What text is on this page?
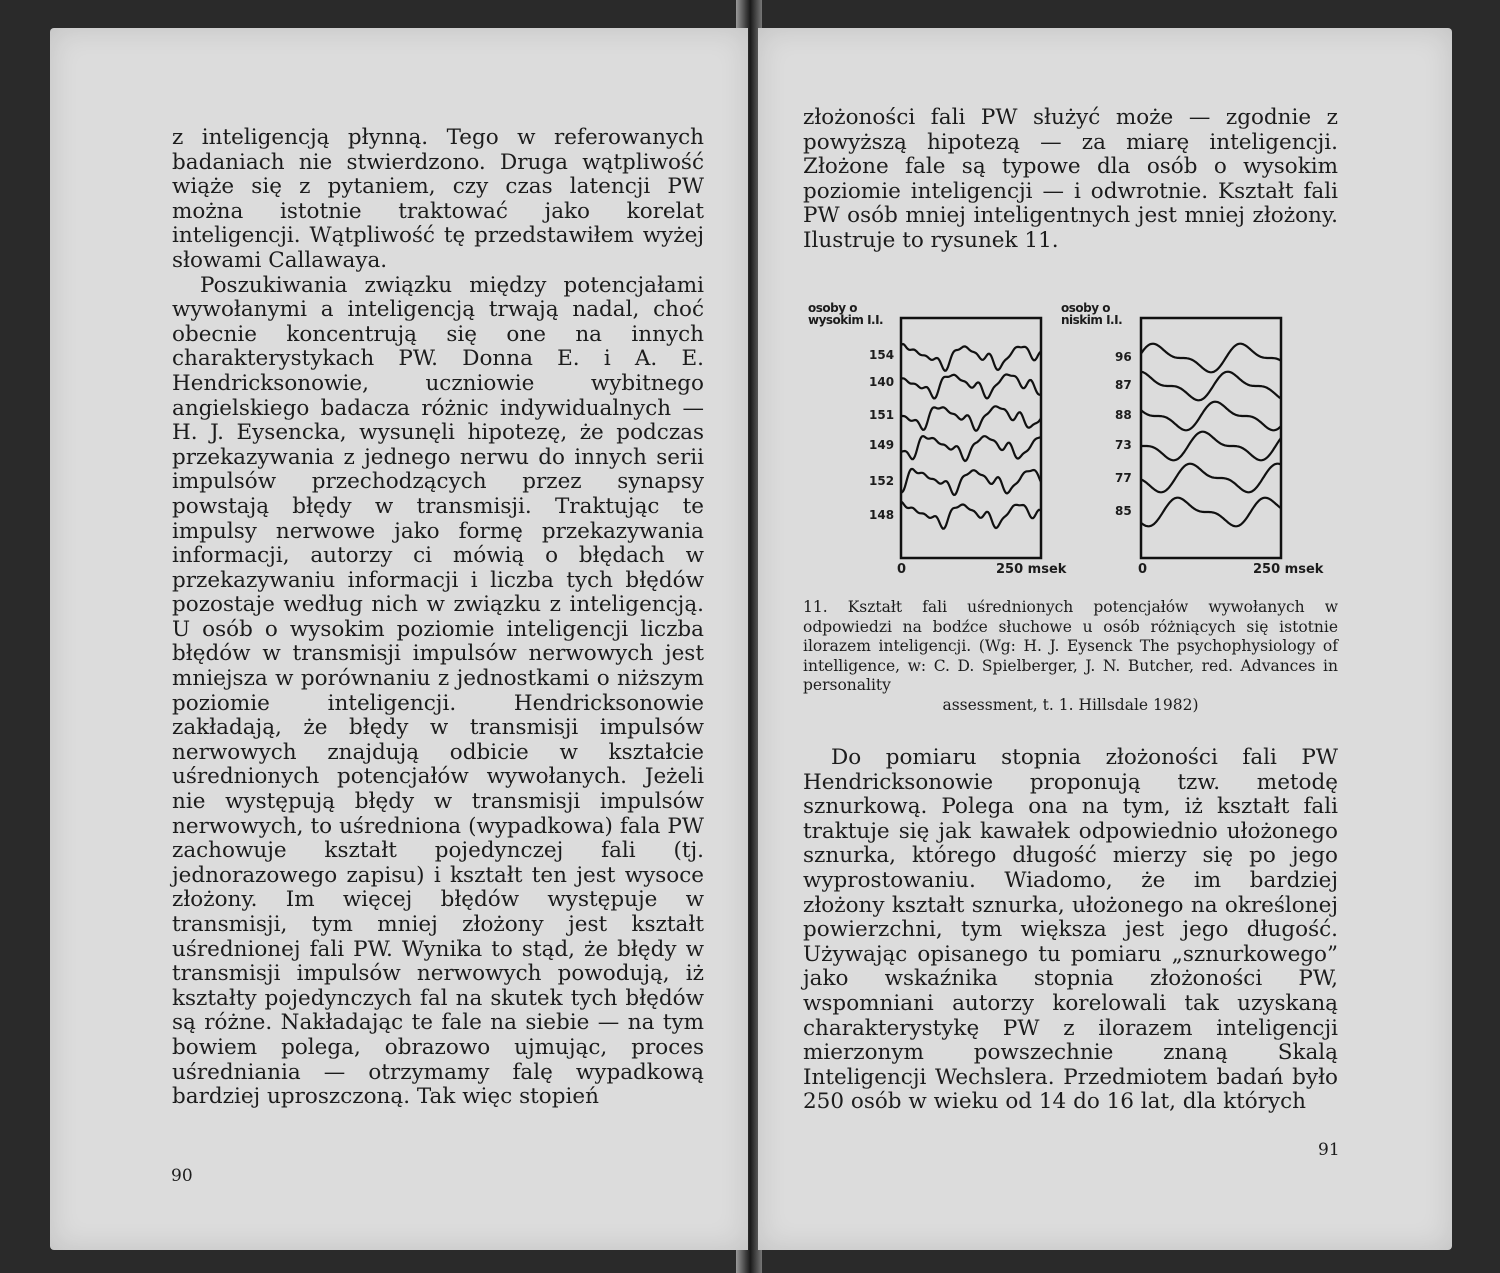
z inteligencją płynną. Tego w referowanych badaniach nie stwierdzono. Druga wątpliwość wiąże się z pytaniem, czy czas latencji PW można istotnie traktować jako korelat inteligencji. Wątpliwość tę przedstawiłem wyżej słowami Callawaya.

Poszukiwania związku między potencjałami wywołanymi a inteligencją trwają nadal, choć obecnie koncentrują się one na innych charakterystykach PW. Donna E. i A. E. Hendricksonowie, uczniowie wybitnego angielskiego badacza różnic indywidualnych — H. J. Eysencka, wysunęli hipotezę, że podczas przekazywania z jednego nerwu do innych serii impulsów przechodzących przez synapsy powstają błędy w transmisji. Traktując te impulsy nerwowe jako formę przekazywania informacji, autorzy ci mówią o błędach w przekazywaniu informacji i liczba tych błędów pozostaje według nich w związku z inteligencją. U osób o wysokim poziomie inteligencji liczba błędów w transmisji impulsów nerwowych jest mniejsza w porównaniu z jednostkami o niższym poziomie inteligencji. Hendricksonowie zakładają, że błędy w transmisji impulsów nerwowych znajdują odbicie w kształcie uśrednionych potencjałów wywołanych. Jeżeli nie występują błędy w transmisji impulsów nerwowych, to uśredniona (wypadkowa) fala PW zachowuje kształt pojedynczej fali (tj. jednorazowego zapisu) i kształt ten jest wysoce złożony. Im więcej błędów występuje w transmisji, tym mniej złożony jest kształt uśrednionej fali PW. Wynika to stąd, że błędy w transmisji impulsów nerwowych powodują, iż kształty pojedynczych fal na skutek tych błędów są różne. Nakładając te fale na siebie — na tym bowiem polega, obrazowo ujmując, proces uśredniania — otrzymamy falę wypadkową bardziej uproszczoną. Tak więc stopień

90

złożoności fali PW służyć może — zgodnie z powyższą hipotezą — za miarę inteligencji. Złożone fale są typowe dla osób o wysokim poziomie inteligencji — i odwrotnie. Kształt fali PW osób mniej inteligentnych jest mniej złożony. Ilustruje to rysunek 11.

osoby o
wysokim I.I.
osoby o
niskim I.I.
154
140
151
149
152
148
96
87
88
73
77
85
0	250 msek	0	250 msek

11. Kształt fali uśrednionych potencjałów wywołanych w odpowiedzi na bodźce słuchowe u osób różniących się istotnie ilorazem inteligencji. (Wg: H. J. Eysenck The psychophysiology of intelligence, w: C. D. Spielberger, J. N. Butcher, red. Advances in personality

assessment, t. 1. Hillsdale 1982)

Do pomiaru stopnia złożoności fali PW Hendricksonowie proponują tzw. metodę sznurkową. Polega ona na tym, iż kształt fali traktuje się jak kawałek odpowiednio ułożonego sznurka, którego długość mierzy się po jego wyprostowaniu. Wiadomo, że im bardziej złożony kształt sznurka, ułożonego na określonej powierzchni, tym większa jest jego długość. Używając opisanego tu pomiaru „sznurkowego” jako wskaźnika stopnia złożoności PW, wspomniani autorzy korelowali tak uzyskaną charakterystykę PW z ilorazem inteligencji mierzonym powszechnie znaną Skalą Inteligencji Wechslera. Przedmiotem badań było 250 osób w wieku od 14 do 16 lat, dla których

91
